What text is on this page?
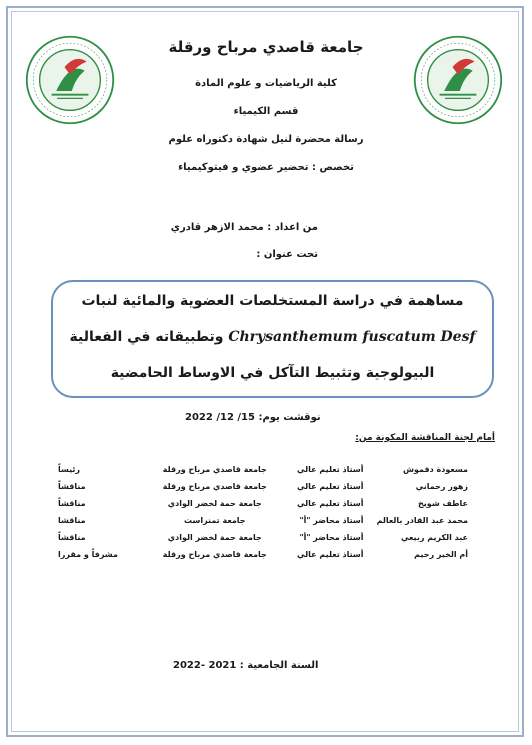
جامعة قاصدي مرباح ورقلة
كلية الرياضيات و علوم المادة
قسم الكيمياء
رسالة محضرة لنيل شهادة دكتوراه علوم
تخصص : تحضير عضوي و فيتوكيمياء
من اعداد : محمد الازهر قادري
تحت عنوان :
مساهمة في دراسة المستخلصات العضوية والمائية لنبات
Chrysanthemum fuscatum Desf وتطبيقاته في الفعالية
البيولوجية وتثبيط التآكل في الاوساط الحامضية
نوقشت يوم: 15/ 12/ 2022
أمام لجنة المناقشة المكونة من:
مسعودة دقموش	أستاذ تعليم عالي	جامعة قاصدي مرباح ورقلة	رئيساً
زهور رحماني	أستاذ تعليم عالي	جامعة قاصدي مرباح ورقلة	مناقشاً
عاطف شويخ	أستاذ تعليم عالي	جامعة حمة لخضر الوادي	مناقشاً
محمد عبد القادر بالعالم	أستاذ محاضر "أ"	جامعة تمنراست	مناقشا
عبد الكريم ربيعي	أستاذ محاضر "أ"	جامعة حمة لخضر الوادي	مناقشاً
أم الخير رحيم	أستاذ تعليم عالي	جامعة قاصدي مرباح ورقلة	مشرفاً و مقررا
السنة الجامعية : 2021 -2022
